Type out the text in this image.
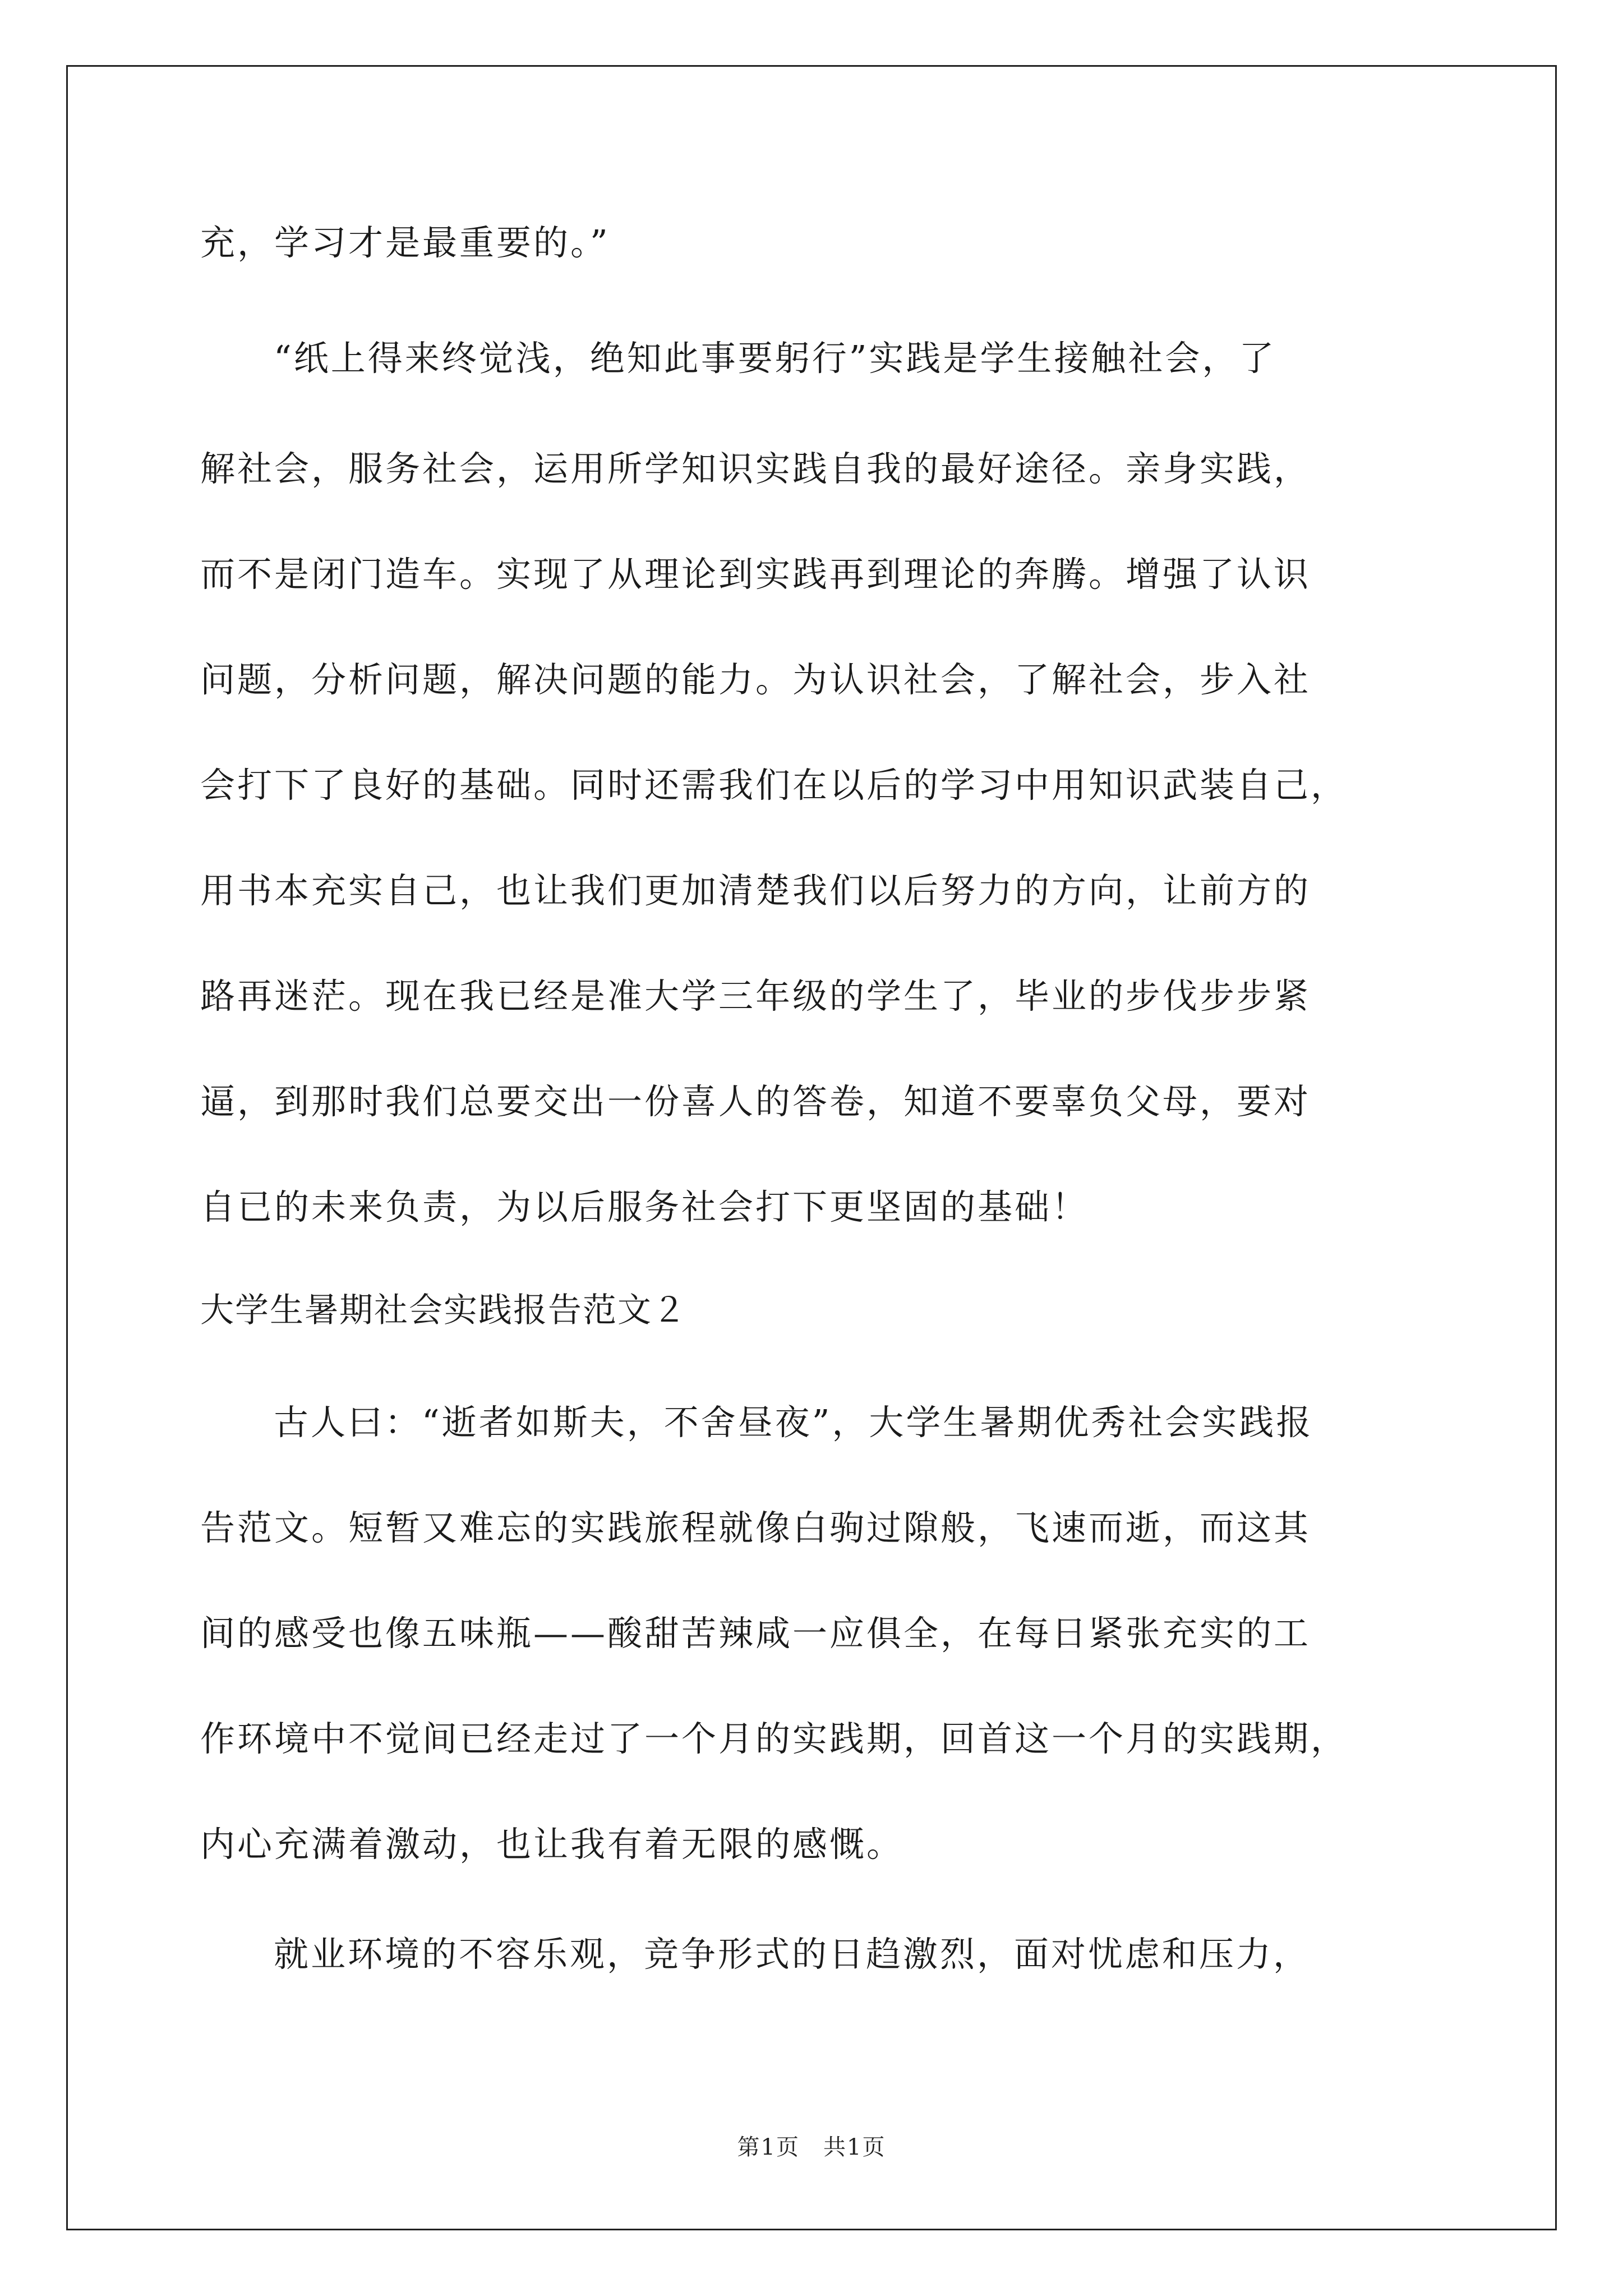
充，学习才是最重要的。”
“纸上得来终觉浅，绝知此事要躬行”实践是学生接触社会，了
解社会，服务社会，运用所学知识实践自我的最好途径。亲身实践，
而不是闭门造车。实现了从理论到实践再到理论的奔腾。增强了认识
问题，分析问题，解决问题的能力。为认识社会，了解社会，步入社
会打下了良好的基础。同时还需我们在以后的学习中用知识武装自己，
用书本充实自己，也让我们更加清楚我们以后努力的方向，让前方的
路再迷茫。现在我已经是准大学三年级的学生了，毕业的步伐步步紧
逼，到那时我们总要交出一份喜人的答卷，知道不要辜负父母，要对
自已的未来负责，为以后服务社会打下更坚固的基础！
大学生暑期社会实践报告范文２
古人曰：“逝者如斯夫，不舍昼夜”，大学生暑期优秀社会实践报
告范文。短暂又难忘的实践旅程就像白驹过隙般，飞速而逝，而这其
间的感受也像五味瓶——酸甜苦辣咸一应俱全，在每日紧张充实的工
作环境中不觉间已经走过了一个月的实践期，回首这一个月的实践期，
内心充满着激动，也让我有着无限的感慨。
就业环境的不容乐观，竞争形式的日趋激烈，面对忧虑和压力，
第1页　共1页
